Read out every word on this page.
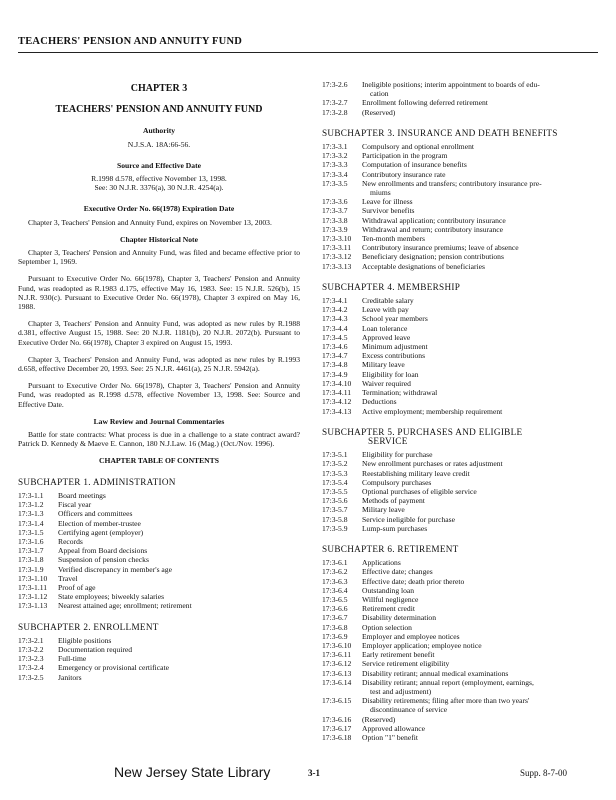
TEACHERS' PENSION AND ANNUITY FUND
CHAPTER 3
TEACHERS' PENSION AND ANNUITY FUND
Authority
N.J.S.A. 18A:66-56.
Source and Effective Date
R.1998 d.578, effective November 13, 1998.
See: 30 N.J.R. 3376(a), 30 N.J.R. 4254(a).
Executive Order No. 66(1978) Expiration Date

Chapter 3, Teachers' Pension and Annuity Fund, expires on November 13, 2003.

Chapter Historical Note

Chapter 3, Teachers' Pension and Annuity Fund, was filed and became effective prior to September 1, 1969.

Pursuant to Executive Order No. 66(1978), Chapter 3, Teachers' Pension and Annuity Fund, was readopted as R.1983 d.175, effective May 16, 1983. See: 15 N.J.R. 526(b), 15 N.J.R. 930(c). Pursuant to Executive Order No. 66(1978), Chapter 3 expired on May 16, 1988.

Chapter 3, Teachers' Pension and Annuity Fund, was adopted as new rules by R.1988 d.381, effective August 15, 1988. See: 20 N.J.R. 1181(b), 20 N.J.R. 2072(b). Pursuant to Executive Order No. 66(1978), Chapter 3 expired on August 15, 1993.

Chapter 3, Teachers' Pension and Annuity Fund, was adopted as new rules by R.1993 d.658, effective December 20, 1993. See: 25 N.J.R. 4461(a), 25 N.J.R. 5942(a).

Pursuant to Executive Order No. 66(1978), Chapter 3, Teachers' Pension and Annuity Fund, was readopted as R.1998 d.578, effective November 13, 1998. See: Source and Effective Date.

Law Review and Journal Commentaries

Battle for state contracts: What process is due in a challenge to a state contract award? Patrick D. Kennedy & Maeve E. Cannon, 180 N.J.Law. 16 (Mag.) (Oct./Nov. 1996).

CHAPTER TABLE OF CONTENTS
SUBCHAPTER 1. ADMINISTRATION
17:3-1.1	Board meetings
17:3-1.2	Fiscal year
17:3-1.3	Officers and committees
17:3-1.4	Election of member-trustee
17:3-1.5	Certifying agent (employer)
17:3-1.6	Records
17:3-1.7	Appeal from Board decisions
17:3-1.8	Suspension of pension checks
17:3-1.9	Verified discrepancy in member's age
17:3-1.10	Travel
17:3-1.11	Proof of age
17:3-1.12	State employees; biweekly salaries
17:3-1.13	Nearest attained age; enrollment; retirement
SUBCHAPTER 2. ENROLLMENT
17:3-2.1	Eligible positions
17:3-2.2	Documentation required
17:3-2.3	Full-time
17:3-2.4	Emergency or provisional certificate
17:3-2.5	Janitors
17:3-2.6	Ineligible positions; interim appointment to boards of edu-
cation
17:3-2.7	Enrollment following deferred retirement
17:3-2.8	(Reserved)
SUBCHAPTER 3. INSURANCE AND DEATH BENEFITS
17:3-3.1	Compulsory and optional enrollment
17:3-3.2	Participation in the program
17:3-3.3	Computation of insurance benefits
17:3-3.4	Contributory insurance rate
17:3-3.5	New enrollments and transfers; contributory insurance pre-
miums
17:3-3.6	Leave for illness
17:3-3.7	Survivor benefits
17:3-3.8	Withdrawal application; contributory insurance
17:3-3.9	Withdrawal and return; contributory insurance
17:3-3.10	Ten-month members
17:3-3.11	Contributory insurance premiums; leave of absence
17:3-3.12	Beneficiary designation; pension contributions
17:3-3.13	Acceptable designations of beneficiaries
SUBCHAPTER 4. MEMBERSHIP
17:3-4.1	Creditable salary
17:3-4.2	Leave with pay
17:3-4.3	School year members
17:3-4.4	Loan tolerance
17:3-4.5	Approved leave
17:3-4.6	Minimum adjustment
17:3-4.7	Excess contributions
17:3-4.8	Military leave
17:3-4.9	Eligibility for loan
17:3-4.10	Waiver required
17:3-4.11	Termination; withdrawal
17:3-4.12	Deductions
17:3-4.13	Active employment; membership requirement
SUBCHAPTER 5. PURCHASES AND ELIGIBLE
SERVICE
17:3-5.1	Eligibility for purchase
17:3-5.2	New enrollment purchases or rates adjustment
17:3-5.3	Reestablishing military leave credit
17:3-5.4	Compulsory purchases
17:3-5.5	Optional purchases of eligible service
17:3-5.6	Methods of payment
17:3-5.7	Military leave
17:3-5.8	Service ineligible for purchase
17:3-5.9	Lump-sum purchases
SUBCHAPTER 6. RETIREMENT
17:3-6.1	Applications
17:3-6.2	Effective date; changes
17:3-6.3	Effective date; death prior thereto
17:3-6.4	Outstanding loan
17:3-6.5	Willful negligence
17:3-6.6	Retirement credit
17:3-6.7	Disability determination
17:3-6.8	Option selection
17:3-6.9	Employer and employee notices
17:3-6.10	Employer application; employee notice
17:3-6.11	Early retirement benefit
17:3-6.12	Service retirement eligibility
17:3-6.13	Disability retirant; annual medical examinations
17:3-6.14	Disability retirant; annual report (employment, earnings,
test and adjustment)
17:3-6.15	Disability retirements; filing after more than two years'
discontinuance of service
17:3-6.16	(Reserved)
17:3-6.17	Approved allowance
17:3-6.18	Option "1" benefit
New Jersey State Library	3-1	Supp. 8-7-00
